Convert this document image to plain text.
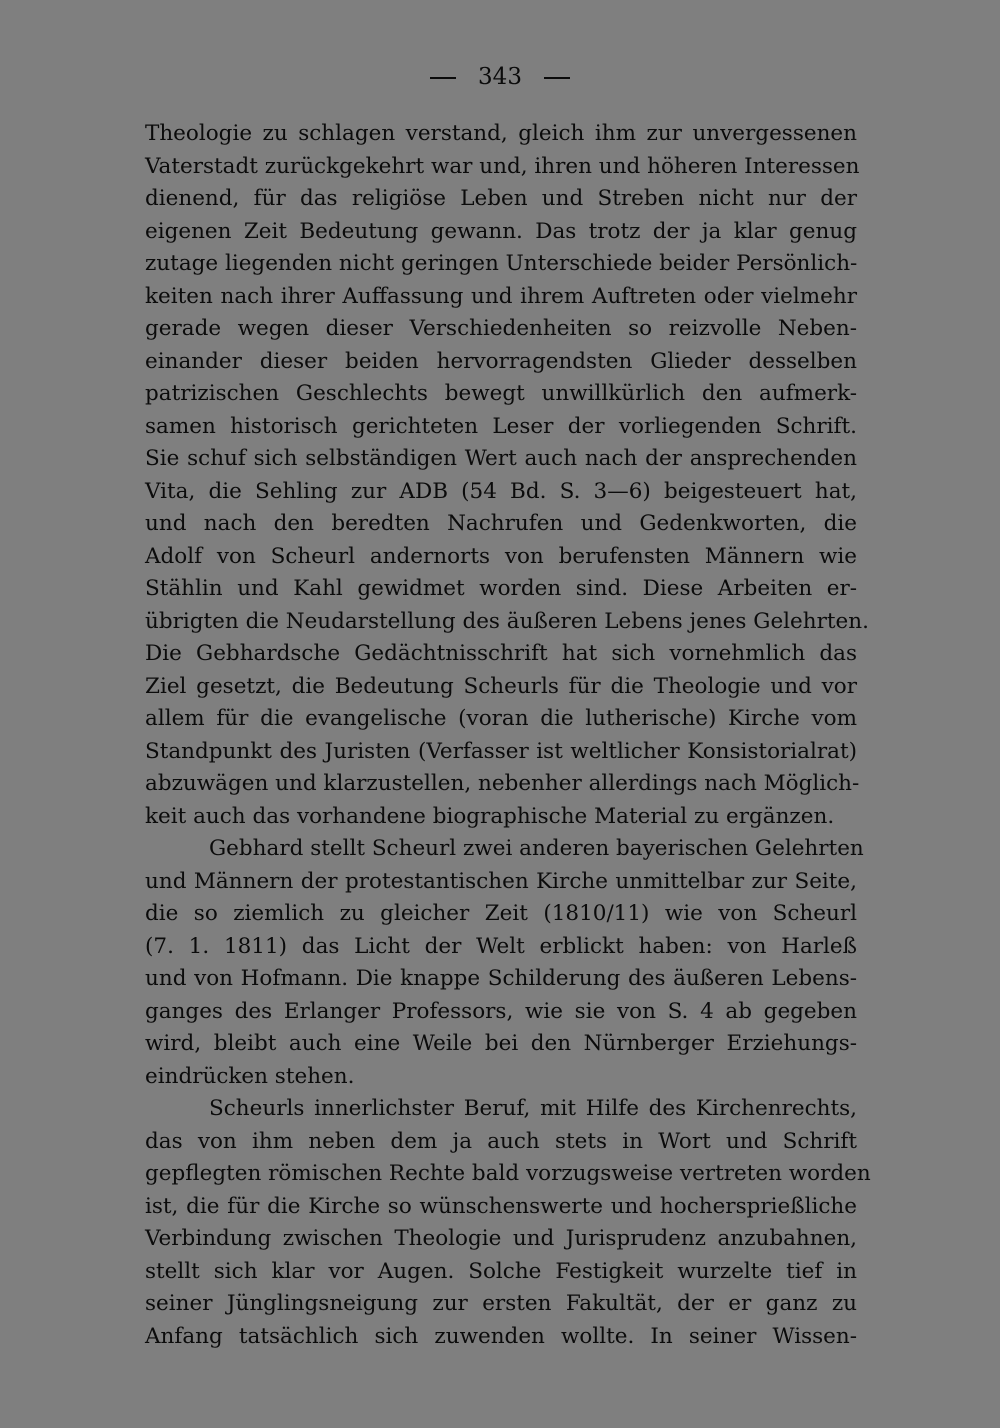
343
Theologie zu schlagen verstand, gleich ihm zur unvergessenen
Vaterstadt zurückgekehrt war und, ihren und höheren Interessen
dienend, für das religiöse Leben und Streben nicht nur der
eigenen Zeit Bedeutung gewann. Das trotz der ja klar genug
zutage liegenden nicht geringen Unterschiede beider Persönlich-
keiten nach ihrer Auffassung und ihrem Auftreten oder vielmehr
gerade wegen dieser Verschiedenheiten so reizvolle Neben-
einander dieser beiden hervorragendsten Glieder desselben
patrizischen Geschlechts bewegt unwillkürlich den aufmerk-
samen historisch gerichteten Leser der vorliegenden Schrift.
Sie schuf sich selbständigen Wert auch nach der ansprechenden
Vita, die Sehling zur ADB (54 Bd. S. 3—6) beigesteuert hat,
und nach den beredten Nachrufen und Gedenkworten, die
Adolf von Scheurl andernorts von berufensten Männern wie
Stählin und Kahl gewidmet worden sind. Diese Arbeiten er-
übrigten die Neudarstellung des äußeren Lebens jenes Gelehrten.
Die Gebhardsche Gedächtnisschrift hat sich vornehmlich das
Ziel gesetzt, die Bedeutung Scheurls für die Theologie und vor
allem für die evangelische (voran die lutherische) Kirche vom
Standpunkt des Juristen (Verfasser ist weltlicher Konsistorialrat)
abzuwägen und klarzustellen, nebenher allerdings nach Möglich-
keit auch das vorhandene biographische Material zu ergänzen.
Gebhard stellt Scheurl zwei anderen bayerischen Gelehrten
und Männern der protestantischen Kirche unmittelbar zur Seite,
die so ziemlich zu gleicher Zeit (1810/11) wie von Scheurl
(7. 1. 1811) das Licht der Welt erblickt haben: von Harleß
und von Hofmann. Die knappe Schilderung des äußeren Lebens-
ganges des Erlanger Professors, wie sie von S. 4 ab gegeben
wird, bleibt auch eine Weile bei den Nürnberger Erziehungs-
eindrücken stehen.
Scheurls innerlichster Beruf, mit Hilfe des Kirchenrechts,
das von ihm neben dem ja auch stets in Wort und Schrift
gepflegten römischen Rechte bald vorzugsweise vertreten worden
ist, die für die Kirche so wünschenswerte und hochersprießliche
Verbindung zwischen Theologie und Jurisprudenz anzubahnen,
stellt sich klar vor Augen. Solche Festigkeit wurzelte tief in
seiner Jünglingsneigung zur ersten Fakultät, der er ganz zu
Anfang tatsächlich sich zuwenden wollte. In seiner Wissen-
